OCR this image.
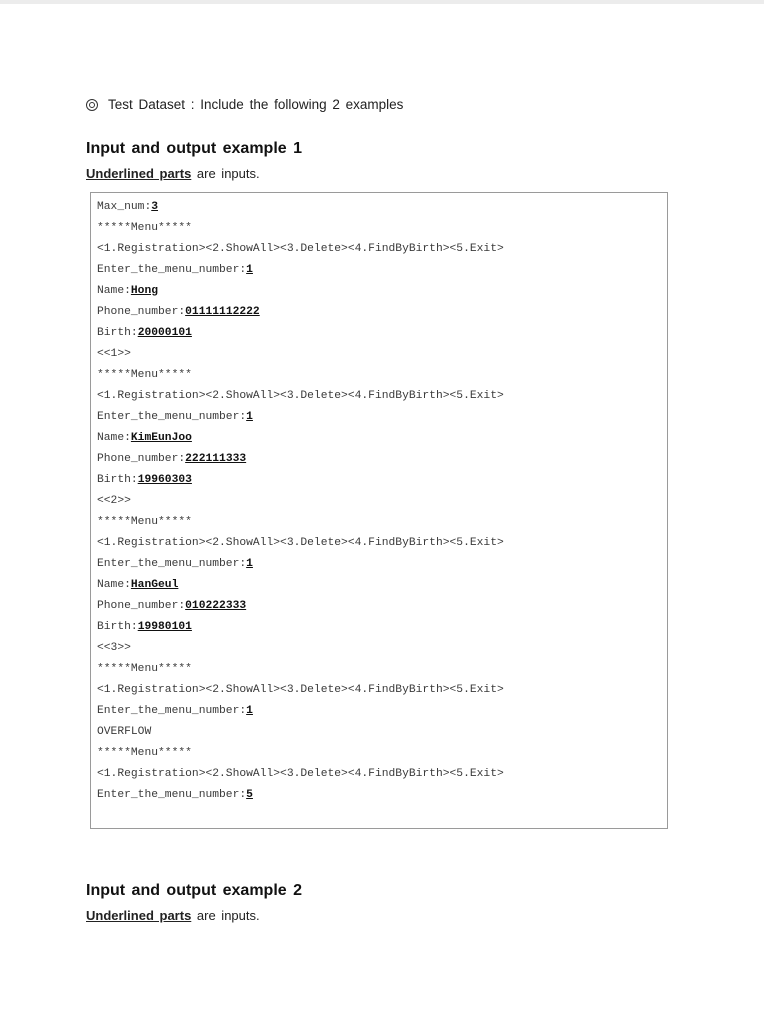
Test Dataset : Include the following 2 examples
Input and output example 1

Underlined parts are inputs.

Max_num:3
*****Menu*****
<1.Registration><2.ShowAll><3.Delete><4.FindByBirth><5.Exit>
Enter_the_menu_number:1
Name:Hong
Phone_number:01111112222
Birth:20000101
<<1>>
*****Menu*****
<1.Registration><2.ShowAll><3.Delete><4.FindByBirth><5.Exit>
Enter_the_menu_number:1
Name:KimEunJoo
Phone_number:222111333
Birth:19960303
<<2>>
*****Menu*****
<1.Registration><2.ShowAll><3.Delete><4.FindByBirth><5.Exit>
Enter_the_menu_number:1
Name:HanGeul
Phone_number:010222333
Birth:19980101
<<3>>
*****Menu*****
<1.Registration><2.ShowAll><3.Delete><4.FindByBirth><5.Exit>
Enter_the_menu_number:1
OVERFLOW
*****Menu*****
<1.Registration><2.ShowAll><3.Delete><4.FindByBirth><5.Exit>
Enter_the_menu_number:5
Input and output example 2

Underlined parts are inputs.
